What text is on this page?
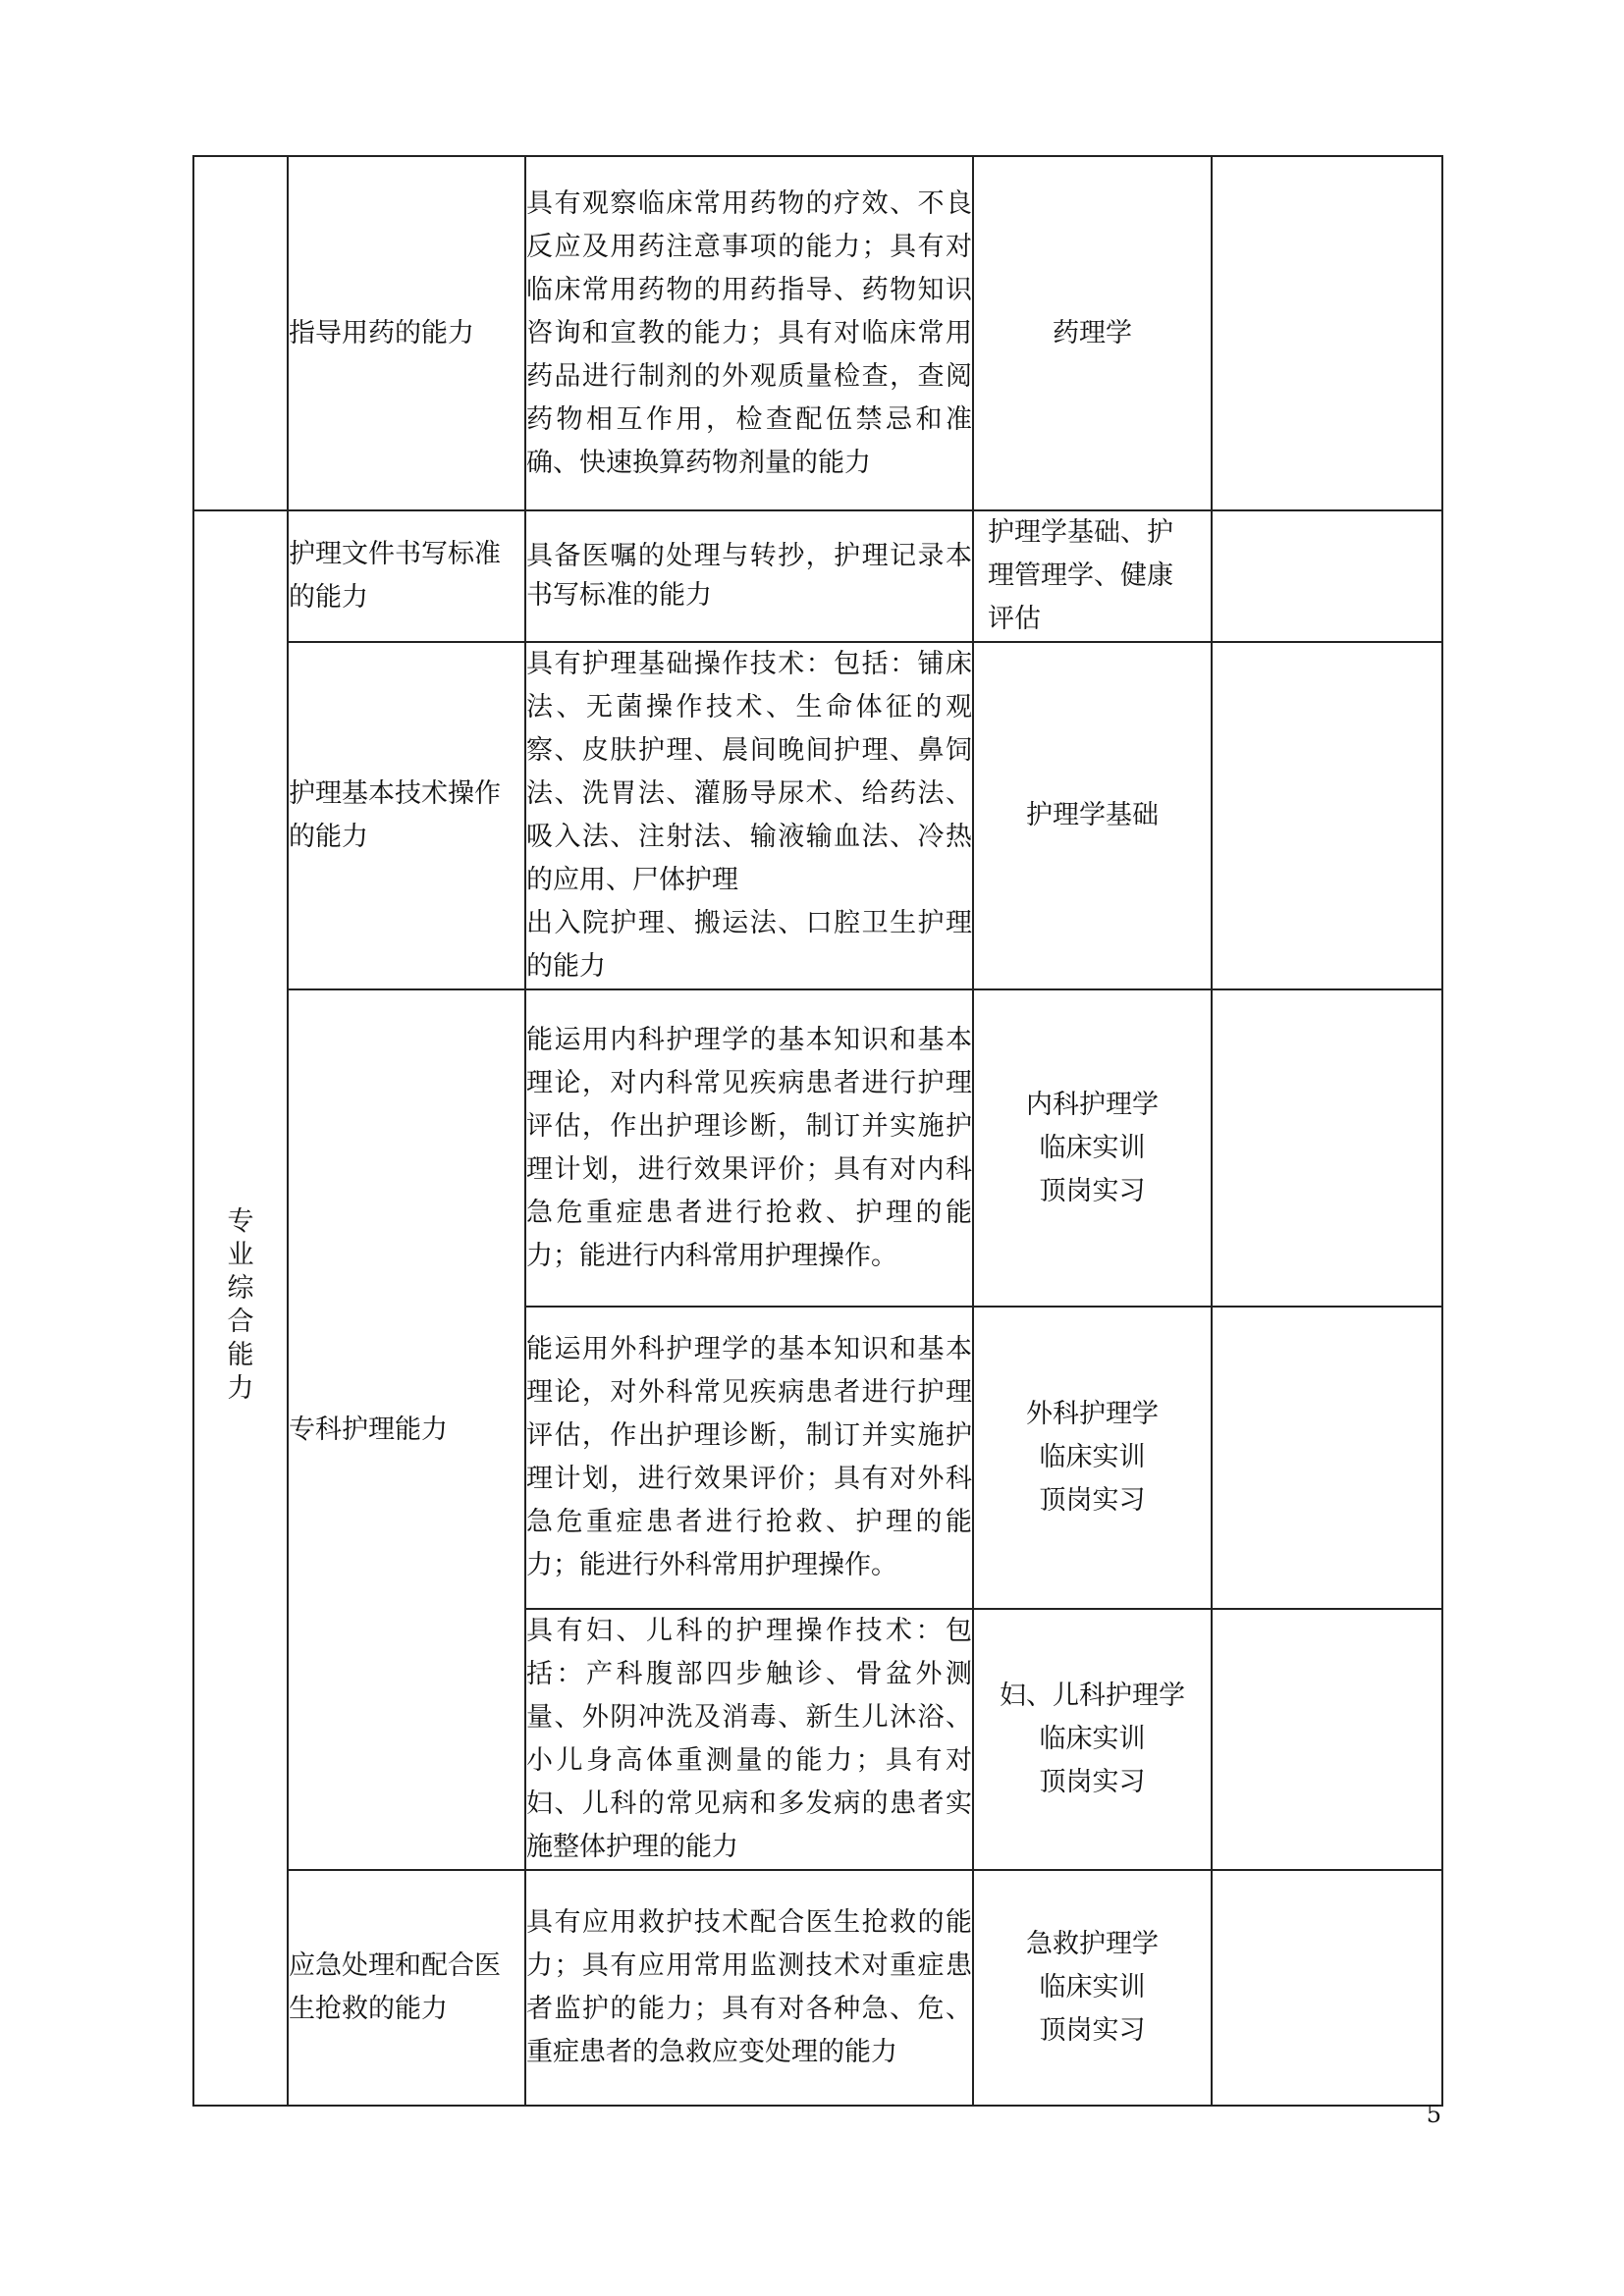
	指导用药的能力	具有观察临床常用药物的疗效、不良反应及用药注意事项的能力；具有对临床常用药物的用药指导、药物知识咨询和宣教的能力；具有对临床常用药品进行制剂的外观质量检查，查阅药物相互作用，检查配伍禁忌和准确、快速换算药物剂量的能力	药理学	

专业综合能力	护理文件书写标准的能力	具备医嘱的处理与转抄，护理记录本书写标准的能力	护理学基础、护理管理学、健康评估	

	护理基本技术操作的能力	具有护理基础操作技术：包括：铺床法、无菌操作技术、生命体征的观察、皮肤护理、晨间晚间护理、鼻饲法、洗胃法、灌肠导尿术、给药法、吸入法、注射法、输液输血法、冷热的应用、尸体护理
出入院护理、搬运法、口腔卫生护理的能力	护理学基础	

	专科护理能力	能运用内科护理学的基本知识和基本理论，对内科常见疾病患者进行护理评估，作出护理诊断，制订并实施护理计划，进行效果评价；具有对内科急危重症患者进行抢救、护理的能力；能进行内科常用护理操作。	内科护理学
临床实训
顶岗实习	

		能运用外科护理学的基本知识和基本理论，对外科常见疾病患者进行护理评估，作出护理诊断，制订并实施护理计划，进行效果评价；具有对外科急危重症患者进行抢救、护理的能力；能进行外科常用护理操作。	外科护理学
临床实训
顶岗实习	

		具有妇、儿科的护理操作技术：包括：产科腹部四步触诊、骨盆外测量、外阴冲洗及消毒、新生儿沐浴、小儿身高体重测量的能力；具有对妇、儿科的常见病和多发病的患者实施整体护理的能力	妇、儿科护理学
临床实训
顶岗实习	

	应急处理和配合医生抢救的能力	具有应用救护技术配合医生抢救的能力；具有应用常用监测技术对重症患者监护的能力；具有对各种急、危、重症患者的急救应变处理的能力	急救护理学
临床实训
顶岗实习	

5
